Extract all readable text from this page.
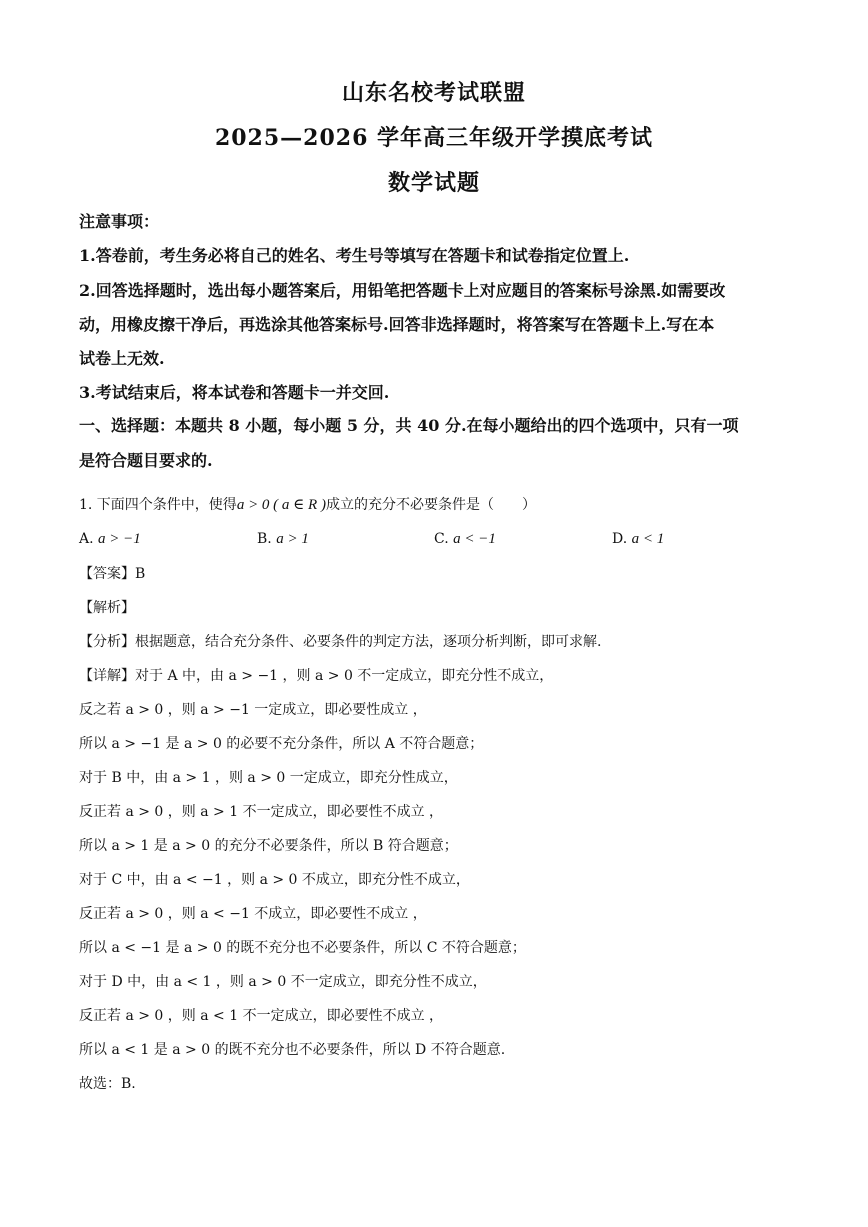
山东名校考试联盟
2025—2026 学年高三年级开学摸底考试
数学试题
注意事项：
1.答卷前，考生务必将自己的姓名、考生号等填写在答题卡和试卷指定位置上.
2.回答选择题时，选出每小题答案后，用铅笔把答题卡上对应题目的答案标号涂黑.如需要改
动，用橡皮擦干净后，再选涂其他答案标号.回答非选择题时，将答案写在答题卡上.写在本
试卷上无效.
3.考试结束后，将本试卷和答题卡一并交回.
一、选择题：本题共 8 小题，每小题 5 分，共 40 分.在每小题给出的四个选项中，只有一项
是符合题目要求的.
1. 下面四个条件中，使得a > 0 ( a ∈ R )成立的充分不必要条件是（　　）
A. a > −1	B. a > 1	C. a < −1	D. a < 1
【答案】B
【解析】
【分析】根据题意，结合充分条件、必要条件的判定方法，逐项分析判断，即可求解.
【详解】对于 A 中，由 a > −1 ，则 a > 0 不一定成立，即充分性不成立，
反之若 a > 0 ，则 a > −1 一定成立，即必要性成立 ，
所以 a > −1 是 a > 0 的必要不充分条件，所以 A 不符合题意；
对于 B 中，由 a > 1 ，则 a > 0 一定成立，即充分性成立，
反正若 a > 0 ，则 a > 1 不一定成立，即必要性不成立 ，
所以 a > 1 是 a > 0 的充分不必要条件，所以 B 符合题意；
对于 C 中，由 a < −1 ，则 a > 0 不成立，即充分性不成立，
反正若 a > 0 ，则 a < −1 不成立，即必要性不成立 ，
所以 a < −1 是 a > 0 的既不充分也不必要条件，所以 C 不符合题意；
对于 D 中，由 a < 1 ，则 a > 0 不一定成立，即充分性不成立，
反正若 a > 0 ，则 a < 1 不一定成立，即必要性不成立 ，
所以 a < 1 是 a > 0 的既不充分也不必要条件，所以 D 不符合题意.
故选：B.
